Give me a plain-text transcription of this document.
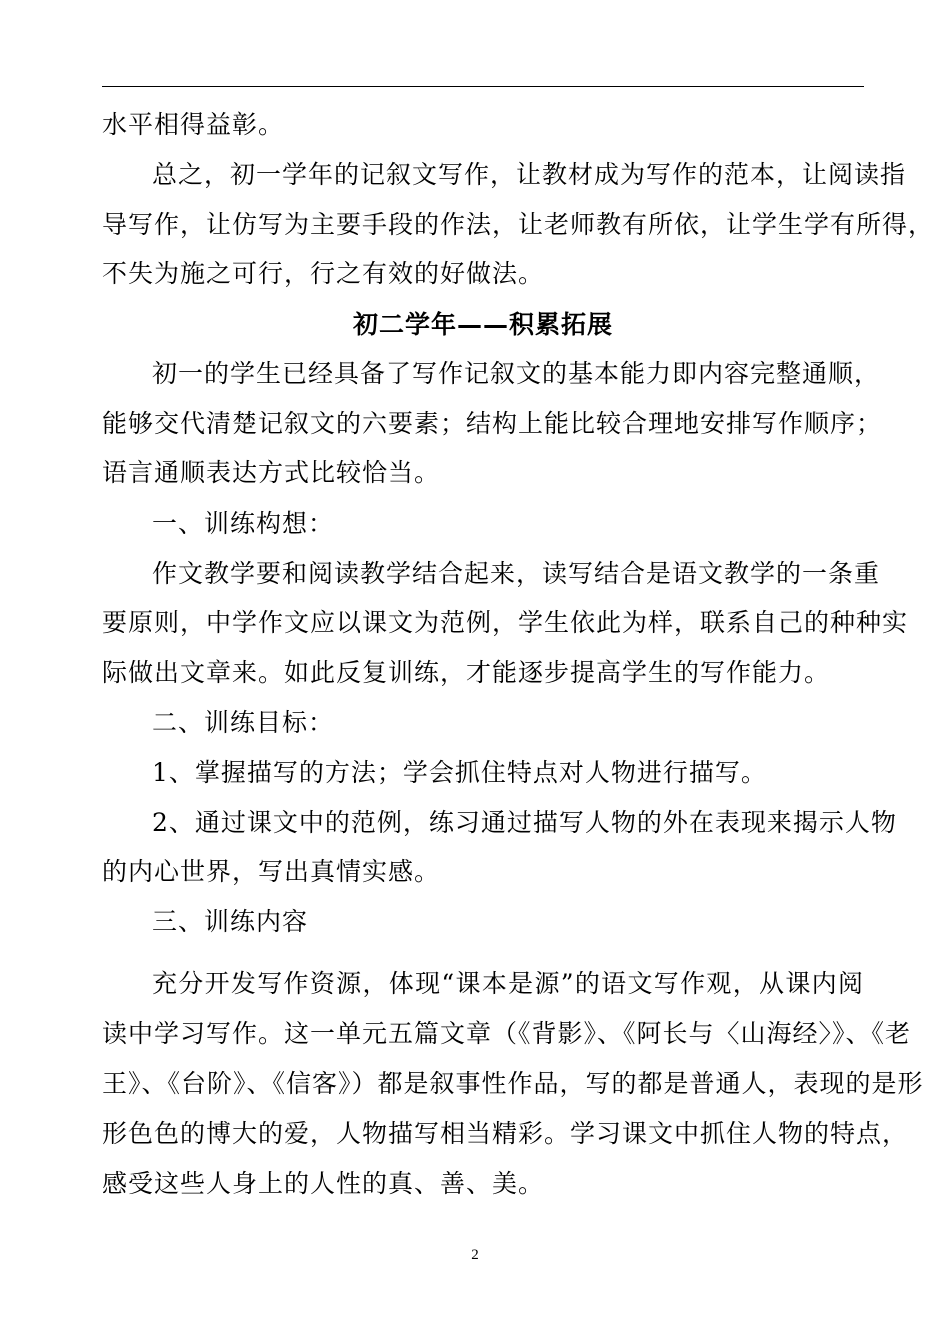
水平相得益彰。
总之，初一学年的记叙文写作，让教材成为写作的范本，让阅读指
导写作，让仿写为主要手段的作法，让老师教有所依，让学生学有所得，
不失为施之可行，行之有效的好做法。
初二学年——积累拓展
初一的学生已经具备了写作记叙文的基本能力即内容完整通顺，
能够交代清楚记叙文的六要素；结构上能比较合理地安排写作顺序；
语言通顺表达方式比较恰当。
一、训练构想：
作文教学要和阅读教学结合起来，读写结合是语文教学的一条重
要原则，中学作文应以课文为范例，学生依此为样，联系自己的种种实
际做出文章来。如此反复训练，才能逐步提高学生的写作能力。
二、训练目标：
1、掌握描写的方法；学会抓住特点对人物进行描写。
2、通过课文中的范例，练习通过描写人物的外在表现来揭示人物
的内心世界，写出真情实感。
三、训练内容
充分开发写作资源，体现“课本是源”的语文写作观，从课内阅
读中学习写作。这一单元五篇文章（《背影》、《阿长与〈山海经〉》、《老
王》、《台阶》、《信客》）都是叙事性作品，写的都是普通人，表现的是形
形色色的博大的爱，人物描写相当精彩。学习课文中抓住人物的特点，
感受这些人身上的人性的真、善、美。
2
